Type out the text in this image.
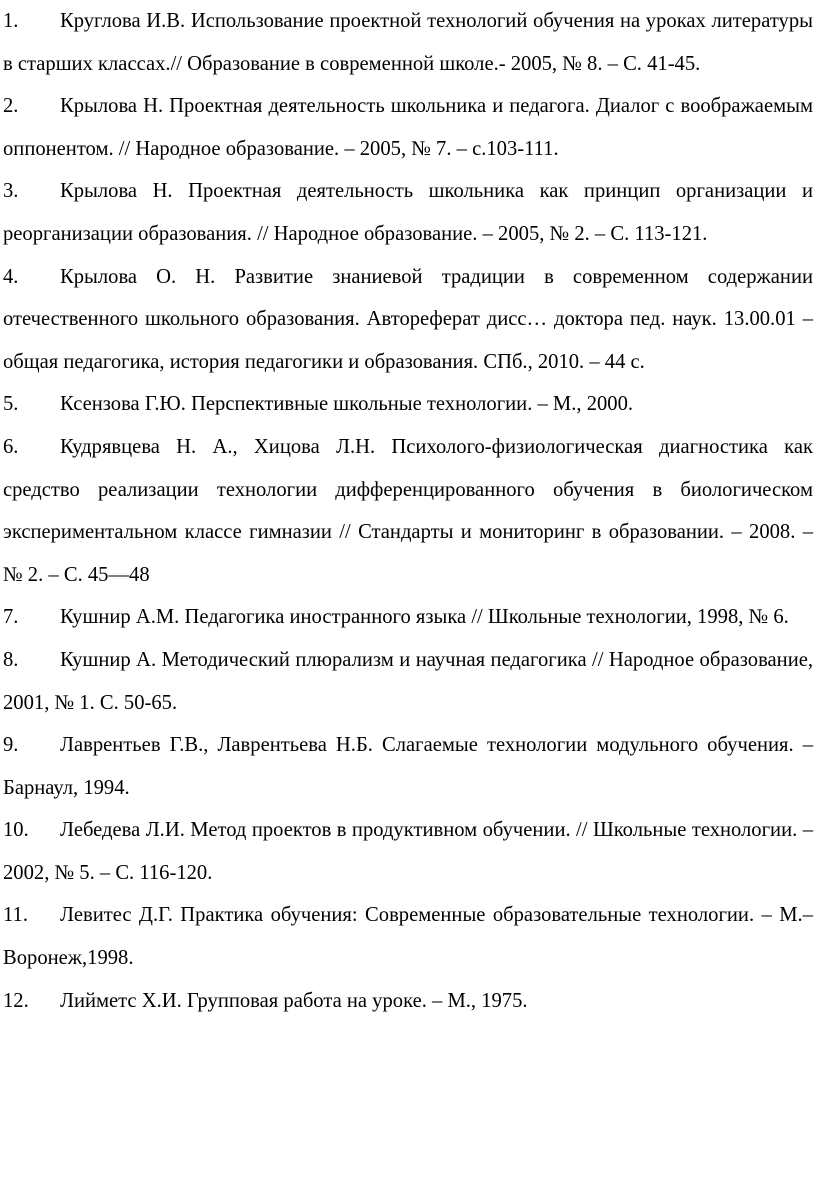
1. Круглова И.В. Использование проектной технологий обучения на уроках литературы в старших классах.// Образование в современной школе.- 2005, № 8. – С. 41-45.

2. Крылова Н. Проектная деятельность школьника и педагога. Диалог с воображаемым оппонентом. // Народное образование. – 2005, № 7. – с.103-111.

3. Крылова Н. Проектная деятельность школьника как принцип организации и реорганизации образования. // Народное образование. – 2005, № 2. – С. 113-121.

4. Крылова О. Н. Развитие знаниевой традиции в современном содержании отечественного школьного образования. Автореферат дисс… доктора пед. наук. 13.00.01 – общая педагогика, история педагогики и образования. СПб., 2010. – 44 с.

5. Ксензова Г.Ю. Перспективные школьные технологии. – М., 2000.

6. Кудрявцева Н. А., Хицова Л.Н. Психолого-физиологическая диагностика как средство реализации технологии дифференцированного обучения в биологическом экспериментальном классе гимназии // Стандарты и мониторинг в образовании. – 2008. – № 2. – С. 45—48

7. Кушнир А.М. Педагогика иностранного языка // Школьные технологии, 1998, № 6.

8. Кушнир А. Методический плюрализм и научная педагогика // Народное образование, 2001, № 1. С. 50-65.

9. Лаврентьев Г.В., Лаврентьева Н.Б. Слагаемые технологии модульного обучения. – Барнаул, 1994.

10. Лебедева Л.И. Метод проектов в продуктивном обучении. // Школьные технологии. – 2002, № 5. – С. 116-120.

11. Левитес Д.Г. Практика обучения: Современные образовательные технологии. – М.– Воронеж,1998.

12. Лийметс Х.И. Групповая работа на уроке. – М., 1975.
